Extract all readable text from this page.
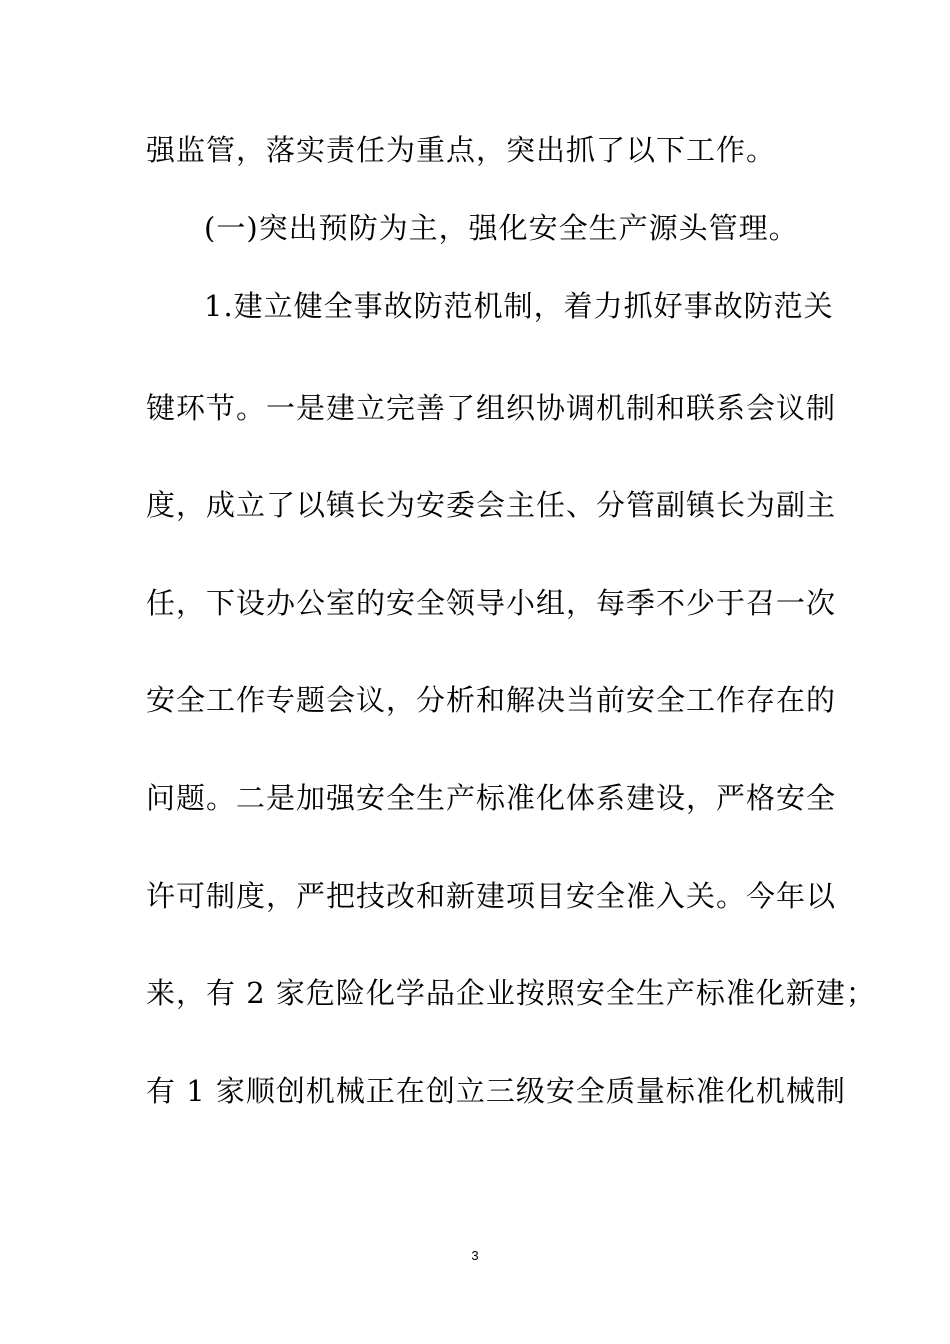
强监管，落实责任为重点，突出抓了以下工作。
(一)突出预防为主，强化安全生产源头管理。
1.建立健全事故防范机制，着力抓好事故防范关
键环节。一是建立完善了组织协调机制和联系会议制
度，成立了以镇长为安委会主任、分管副镇长为副主
任，下设办公室的安全领导小组，每季不少于召一次
安全工作专题会议，分析和解决当前安全工作存在的
问题。二是加强安全生产标准化体系建设，严格安全
许可制度，严把技改和新建项目安全准入关。今年以
来，有 2 家危险化学品企业按照安全生产标准化新建；
有 1 家顺创机械正在创立三级安全质量标准化机械制
3
